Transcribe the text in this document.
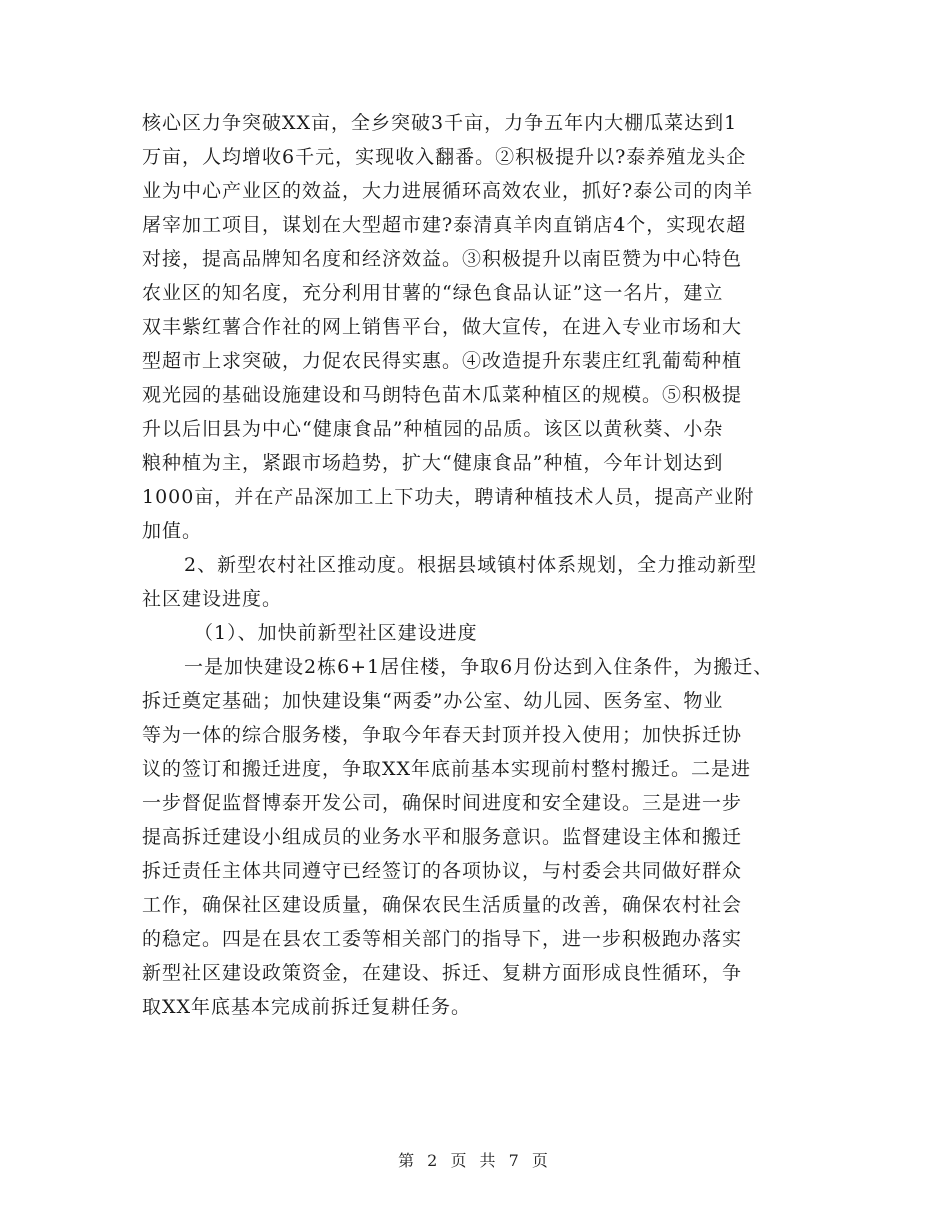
核心区力争突破XX亩，全乡突破3千亩，力争五年内大棚瓜菜达到1
万亩，人均增收6千元，实现收入翻番。②积极提升以?泰养殖龙头企
业为中心产业区的效益，大力进展循环高效农业，抓好?泰公司的肉羊
屠宰加工项目，谋划在大型超市建?泰清真羊肉直销店4个，实现农超
对接，提高品牌知名度和经济效益。③积极提升以南臣赞为中心特色
农业区的知名度，充分利用甘薯的“绿色食品认证”这一名片，建立
双丰紫红薯合作社的网上销售平台，做大宣传，在进入专业市场和大
型超市上求突破，力促农民得实惠。④改造提升东裴庄红乳葡萄种植
观光园的基础设施建设和马朗特色苗木瓜菜种植区的规模。⑤积极提
升以后旧县为中心“健康食品”种植园的品质。该区以黄秋葵、小杂
粮种植为主，紧跟市场趋势，扩大“健康食品”种植，今年计划达到
1000亩，并在产品深加工上下功夫，聘请种植技术人员，提高产业附
加值。
2、新型农村社区推动度。根据县域镇村体系规划，全力推动新型
社区建设进度。
（1）、加快前新型社区建设进度
一是加快建设2栋6+1居住楼，争取6月份达到入住条件，为搬迁、
拆迁奠定基础；加快建设集“两委”办公室、幼儿园、医务室、物业
等为一体的综合服务楼，争取今年春天封顶并投入使用；加快拆迁协
议的签订和搬迁进度，争取XX年底前基本实现前村整村搬迁。二是进
一步督促监督博泰开发公司，确保时间进度和安全建设。三是进一步
提高拆迁建设小组成员的业务水平和服务意识。监督建设主体和搬迁
拆迁责任主体共同遵守已经签订的各项协议，与村委会共同做好群众
工作，确保社区建设质量，确保农民生活质量的改善，确保农村社会
的稳定。四是在县农工委等相关部门的指导下，进一步积极跑办落实
新型社区建设政策资金，在建设、拆迁、复耕方面形成良性循环，争
取XX年底基本完成前拆迁复耕任务。
第 2 页 共 7 页
